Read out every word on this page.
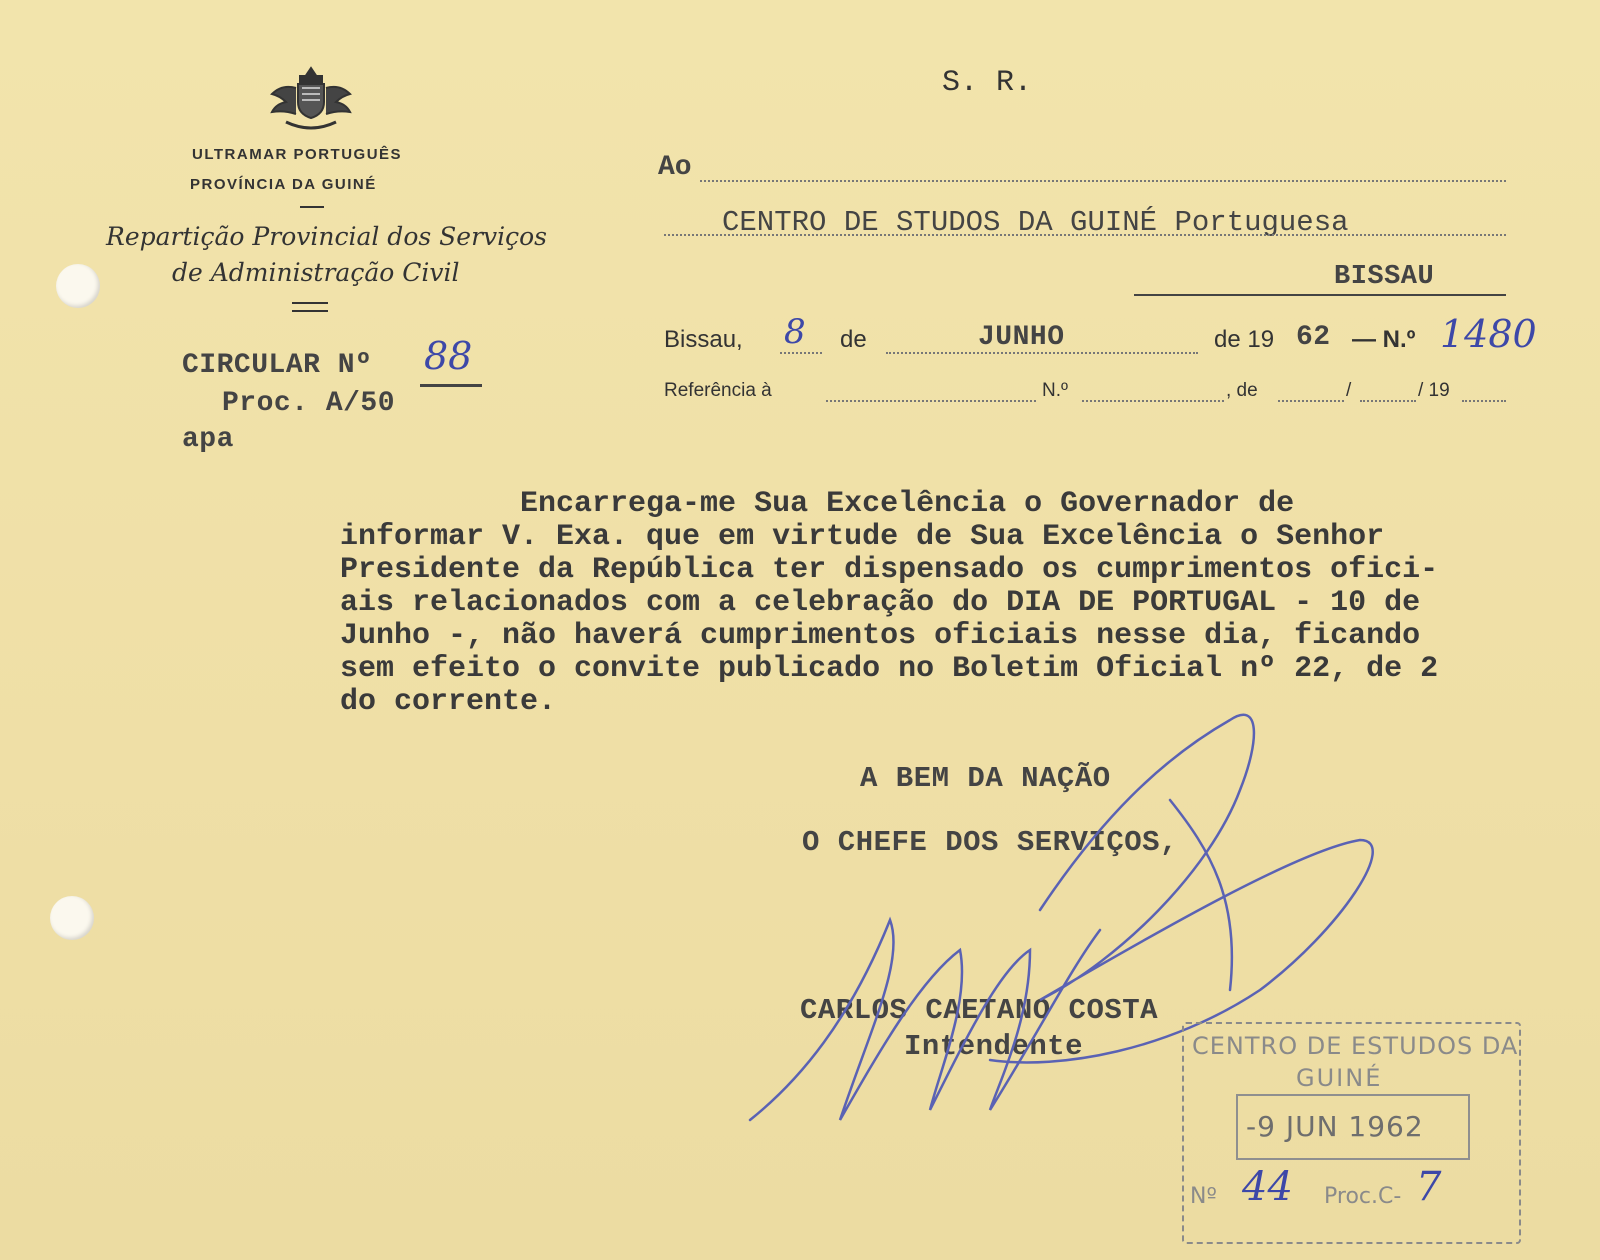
S. R.
ULTRAMAR PORTUGUÊS
PROVÍNCIA DA GUINÉ
Repartição Provincial dos Serviços
de Administração Civil
CIRCULAR Nº 88
Proc. A/50
apa
Ao
CENTRO DE STUDOS DA GUINÉ Portuguesa
BISSAU
Bissau, 8 de	JUNHO	de 19 62 — N.º 1480
Referência à	N.º	, de	/	/ 19
Encarrega-me Sua Excelência o Governador de
informar V. Exa. que em virtude de Sua Excelência o Senhor
Presidente da República ter dispensado os cumprimentos ofici-
ais relacionados com a celebração do DIA DE PORTUGAL - 10 de
Junho -, não haverá cumprimentos oficiais nesse dia, ficando
sem efeito o convite publicado no Boletim Oficial nº 22, de 2
do corrente.
A BEM DA NAÇÃO
O CHEFE DOS SERVIÇOS,
CARLOS CAETANO COSTA
Intendente	CENTRO DE ESTUDOS DA
GUINÉ
-9 JUN 1962
Nº 44 Proc.C- 7
